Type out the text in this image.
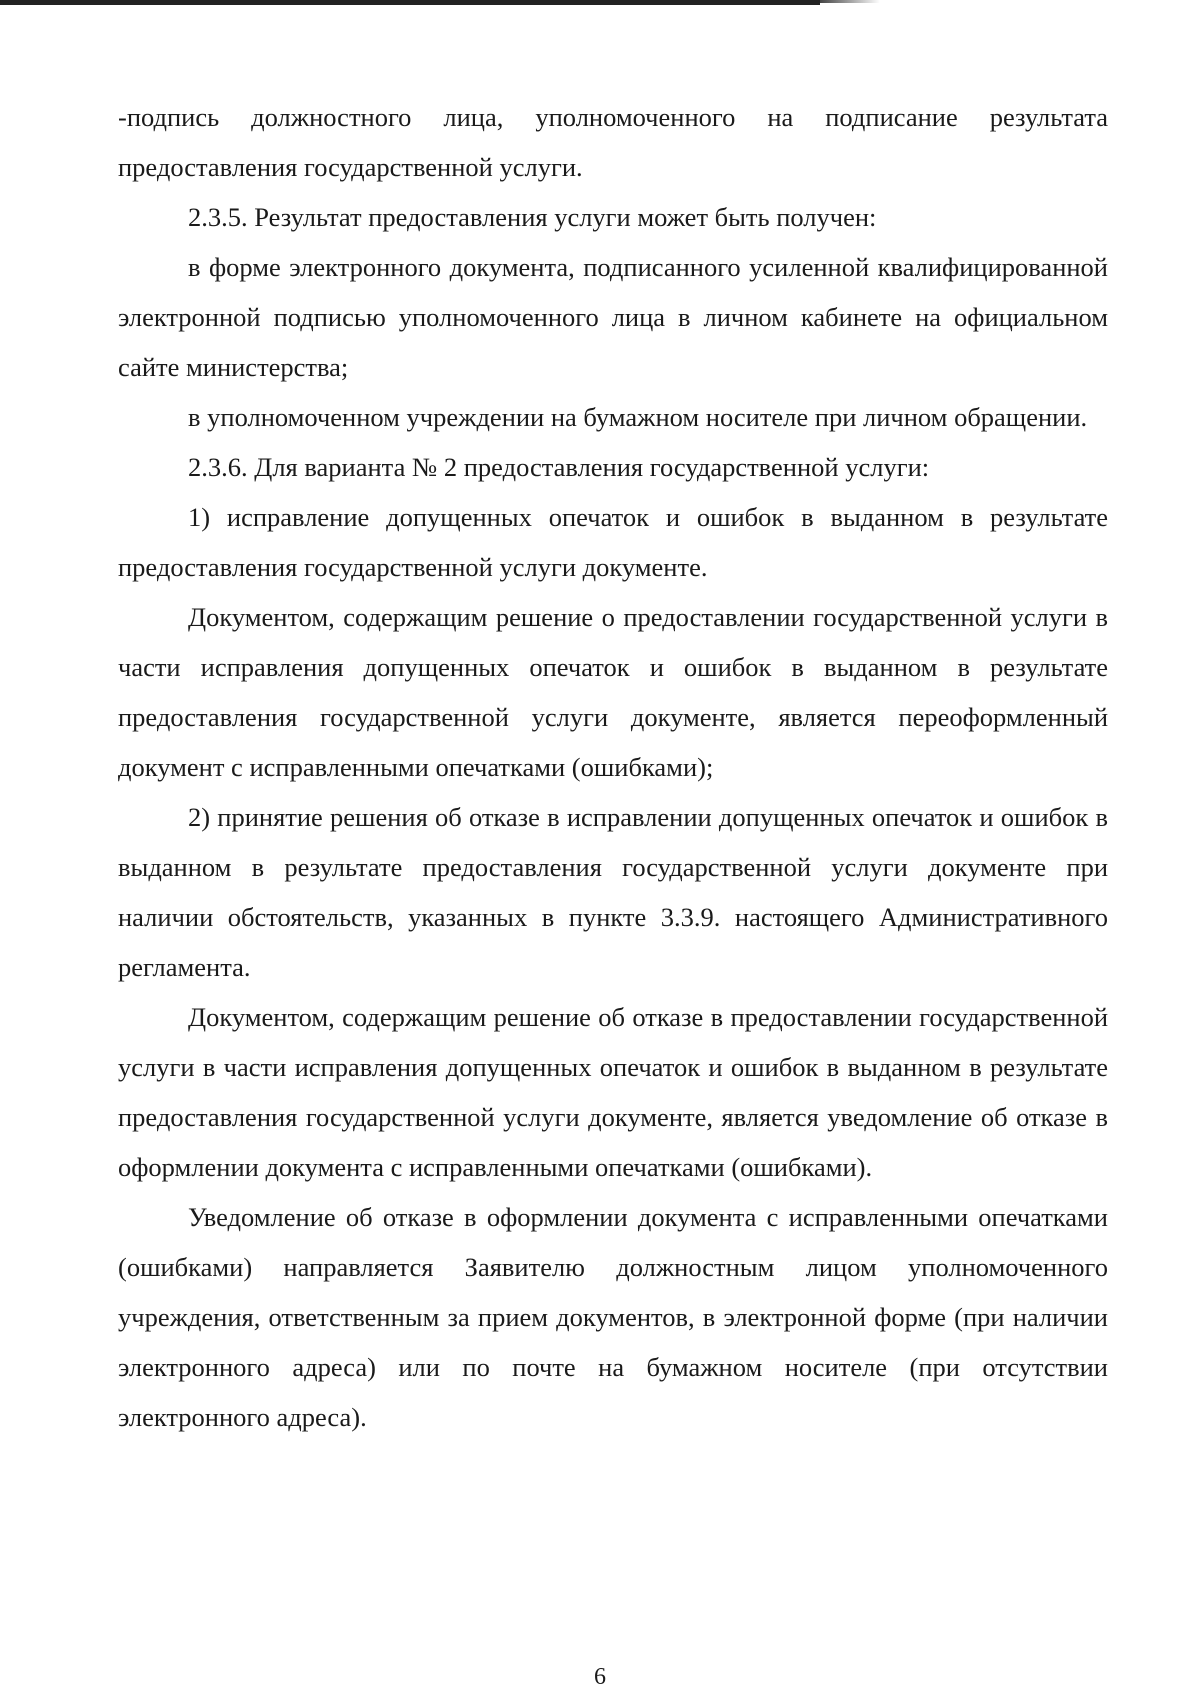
-подпись должностного лица, уполномоченного на подписание результата предоставления государственной услуги.

2.3.5. Результат предоставления услуги может быть получен:

в форме электронного документа, подписанного усиленной квалифицированной электронной подписью уполномоченного лица в личном кабинете на официальном сайте министерства;

в уполномоченном учреждении на бумажном носителе при личном обращении.

2.3.6. Для варианта № 2 предоставления государственной услуги:

1) исправление допущенных опечаток и ошибок в выданном в результате предоставления государственной услуги документе.

Документом, содержащим решение о предоставлении государственной услуги в части исправления допущенных опечаток и ошибок в выданном в результате предоставления государственной услуги документе, является переоформленный документ с исправленными опечатками (ошибками);

2) принятие решения об отказе в исправлении допущенных опечаток и ошибок в выданном в результате предоставления государственной услуги документе при наличии обстоятельств, указанных в пункте 3.3.9. настоящего Административного регламента.

Документом, содержащим решение об отказе в предоставлении государственной услуги в части исправления допущенных опечаток и ошибок в выданном в результате предоставления государственной услуги документе, является уведомление об отказе в оформлении документа с исправленными опечатками (ошибками).

Уведомление об отказе в оформлении документа с исправленными опечатками (ошибками) направляется Заявителю должностным лицом уполномоченного учреждения, ответственным за прием документов, в электронной форме (при наличии электронного адреса) или по почте на бумажном носителе (при отсутствии электронного адреса).

6
